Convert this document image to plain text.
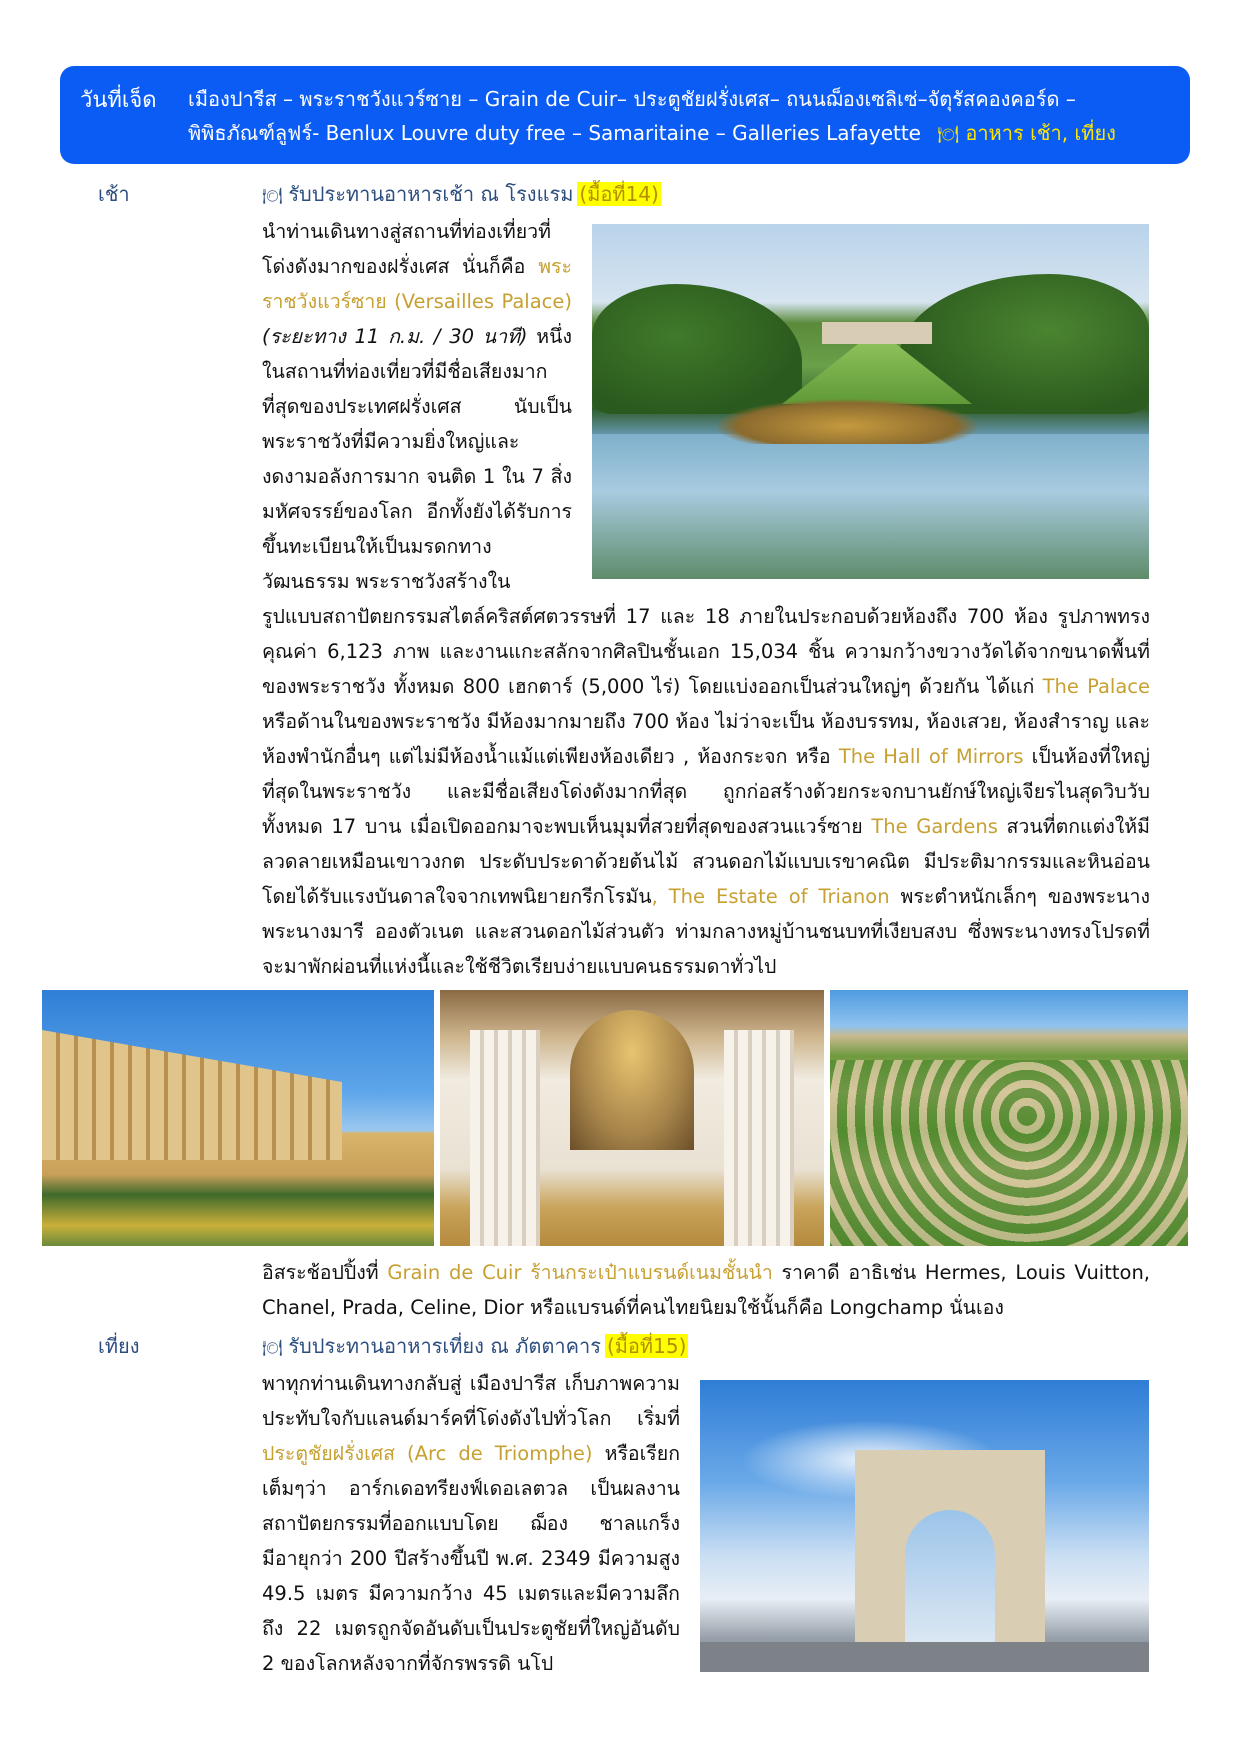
วันที่เจ็ด เมืองปารีส – พระราชวังแวร์ซาย – Grain de Cuir– ประตูชัยฝรั่งเศส– ถนนฌ็องเซลิเซ่–จัตุรัสคองคอร์ด –
พิพิธภัณฑ์ลูฟร์- Benlux Louvre duty free – Samaritaine – Galleries Lafayette 🍽 อาหาร เช้า, เที่ยง
เช้า	🍽 รับประทานอาหารเช้า ณ โรงแรม (มื้อที่14)
นำท่านเดินทางสู่สถานที่ท่องเที่ยวที่โด่งดังมากของฝรั่งเศส นั่นก็คือ พระราชวังแวร์ซาย (Versailles Palace) (ระยะทาง 11 ก.ม. / 30 นาที) หนึ่งในสถานที่ท่องเที่ยวที่มีชื่อเสียงมากที่สุดของประเทศฝรั่งเศส นับเป็นพระราชวังที่มีความยิ่งใหญ่และงดงามอลังการมาก จนติด 1 ใน 7 สิ่งมหัศจรรย์ของโลก อีกทั้งยังได้รับการขึ้นทะเบียนให้เป็นมรดกทางวัฒนธรรม พระราชวังสร้างใน
รูปแบบสถาปัตยกรรมสไตล์คริสต์ศตวรรษที่ 17 และ 18 ภายในประกอบด้วยห้องถึง 700 ห้อง รูปภาพทรงคุณค่า 6,123 ภาพ และงานแกะสลักจากศิลปินชั้นเอก 15,034 ชิ้น ความกว้างขวางวัดได้จากขนาดพื้นที่ของพระราชวัง ทั้งหมด 800 เฮกตาร์ (5,000 ไร่) โดยแบ่งออกเป็นส่วนใหญ่ๆ ด้วยกัน ได้แก่ The Palace หรือด้านในของพระราชวัง มีห้องมากมายถึง 700 ห้อง ไม่ว่าจะเป็น ห้องบรรทม, ห้องเสวย, ห้องสำราญ และห้องพำนักอื่นๆ แต่ไม่มีห้องน้ำแม้แต่เพียงห้องเดียว , ห้องกระจก หรือ The Hall of Mirrors เป็นห้องที่ใหญ่ที่สุดในพระราชวัง และมีชื่อเสียงโด่งดังมากที่สุด ถูกก่อสร้างด้วยกระจกบานยักษ์ใหญ่เจียรไนสุดวิบวับทั้งหมด 17 บาน เมื่อเปิดออกมาจะพบเห็นมุมที่สวยที่สุดของสวนแวร์ซาย The Gardens สวนที่ตกแต่งให้มีลวดลายเหมือนเขาวงกต ประดับประดาด้วยต้นไม้ สวนดอกไม้แบบเรขาคณิต มีประติมากรรมและหินอ่อนโดยได้รับแรงบันดาลใจจากเทพนิยายกรีกโรมัน, The Estate of Trianon พระตำหนักเล็กๆ ของพระนางพระนางมารี อองตัวเนต และสวนดอกไม้ส่วนตัว ท่ามกลางหมู่บ้านชนบทที่เงียบสงบ ซึ่งพระนางทรงโปรดที่จะมาพักผ่อนที่แห่งนี้และใช้ชีวิตเรียบง่ายแบบคนธรรมดาทั่วไป
อิสระช้อปปิ้งที่ Grain de Cuir ร้านกระเป๋าแบรนด์เนมชั้นนำ ราคาดี อาธิเช่น Hermes, Louis Vuitton, Chanel, Prada, Celine, Dior หรือแบรนด์ที่คนไทยนิยมใช้นั้นก็คือ Longchamp นั่นเอง
เที่ยง	🍽 รับประทานอาหารเที่ยง ณ ภัตตาคาร (มื้อที่15)
พาทุกท่านเดินทางกลับสู่ เมืองปารีส เก็บภาพความประทับใจกับแลนด์มาร์คที่โด่งดังไปทั่วโลก เริ่มที่ ประตูชัยฝรั่งเศส (Arc de Triomphe) หรือเรียกเต็มๆว่า อาร์กเดอทรียงฟ์เดอเลตวล เป็นผลงานสถาปัตยกรรมที่ออกแบบโดย ฌ็อง ชาลแกร็ง มีอายุกว่า 200 ปีสร้างขึ้นปี พ.ศ. 2349 มีความสูง 49.5 เมตร มีความกว้าง 45 เมตรและมีความลึกถึง 22 เมตรถูกจัดอันดับเป็นประตูชัยที่ใหญ่อันดับ 2 ของโลกหลังจากที่จักรพรรดิ นโป
